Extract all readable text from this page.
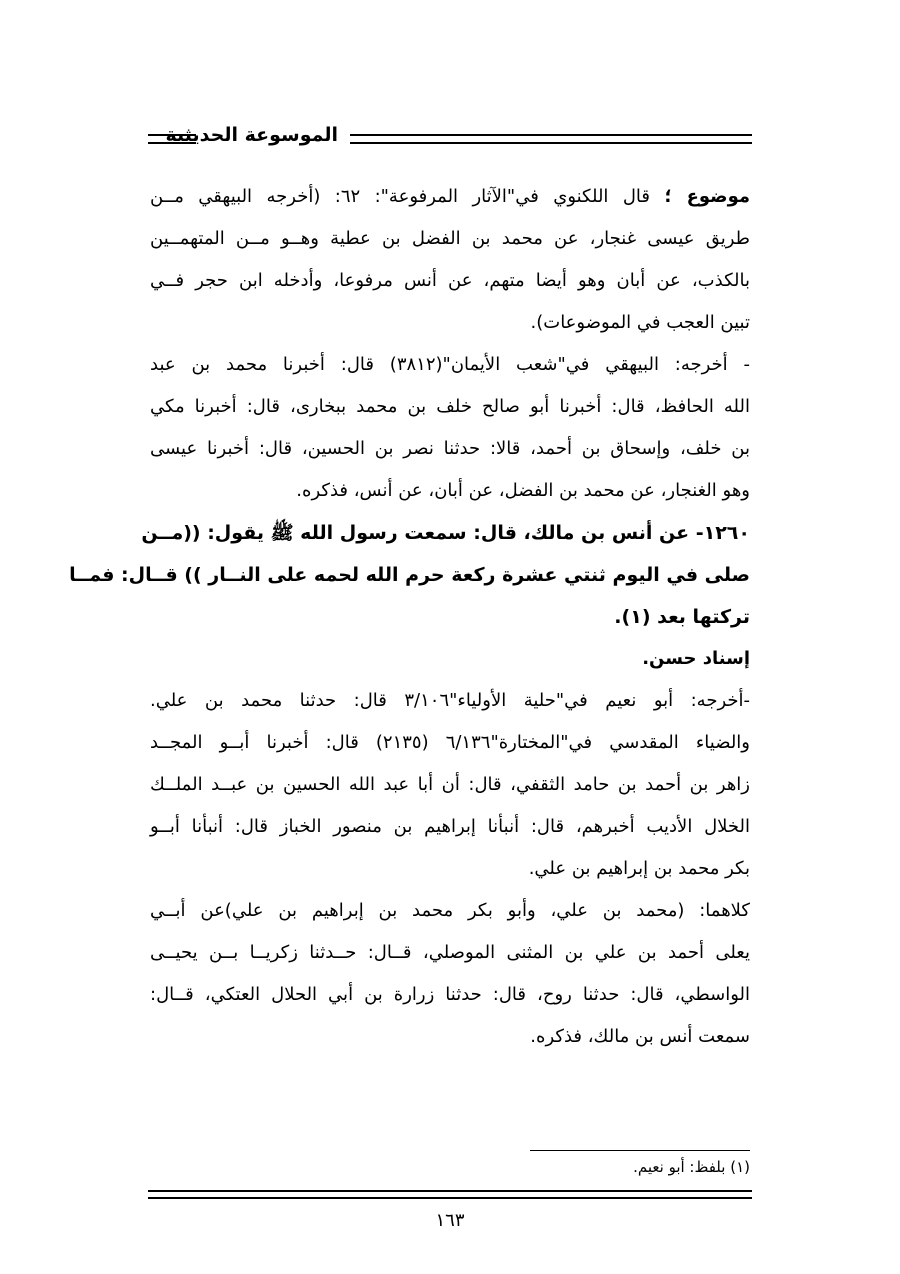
الموسوعة الحديثية
موضوع ؛ قال اللكنوي في"الآثار المرفوعة": ٦٢: (أخرجه البيهقي مــن
طريق عيسى غنجار، عن محمد بن الفضل بن عطية وهــو مــن المتهمــين
بالكذب، عن أبان وهو أيضا متهم، عن أنس مرفوعا، وأدخله ابن حجر فــي
تبين العجب في الموضوعات).
- أخرجه: البيهقي في"شعب الأيمان"(٣٨١٢) قال: أخبرنا محمد بن عبد
الله الحافظ، قال: أخبرنا أبو صالح خلف بن محمد ببخارى، قال: أخبرنا مكي
بن خلف، وإسحاق بن أحمد، قالا: حدثنا نصر بن الحسين، قال: أخبرنا عيسى
وهو الغنجار، عن محمد بن الفضل، عن أبان، عن أنس، فذكره.
١٢٦٠- عن أنس بن مالك، قال: سمعت رسول الله ﷺ يقول: ((مــن
صلى في اليوم ثنتي عشرة ركعة حرم الله لحمه على النــار )) قــال: فمــا
تركتها بعد (١).
إسناد حسن.
-أخرجه: أبو نعيم في"حلية الأولياء"٣/١٠٦ قال: حدثنا محمد بن علي.
والضياء المقدسي في"المختارة"٦/١٣٦ (٢١٣٥) قال: أخبرنا أبــو المجــد
زاهر بن أحمد بن حامد الثقفي، قال: أن أبا عبد الله الحسين بن عبــد الملــك
الخلال الأديب أخبرهم، قال: أنبأنا إبراهيم بن منصور الخباز قال: أنبأنا أبــو
بكر محمد بن إبراهيم بن علي.
كلاهما: (محمد بن علي، وأبو بكر محمد بن إبراهيم بن علي)عن أبــي
يعلى أحمد بن علي بن المثنى الموصلي، قــال: حــدثنا زكريــا بــن يحيــى
الواسطي، قال: حدثنا روح، قال: حدثنا زرارة بن أبي الحلال العتكي، قــال:
سمعت أنس بن مالك، فذكره.
(١) بلفظ: أبو نعيم.
١٦٣
